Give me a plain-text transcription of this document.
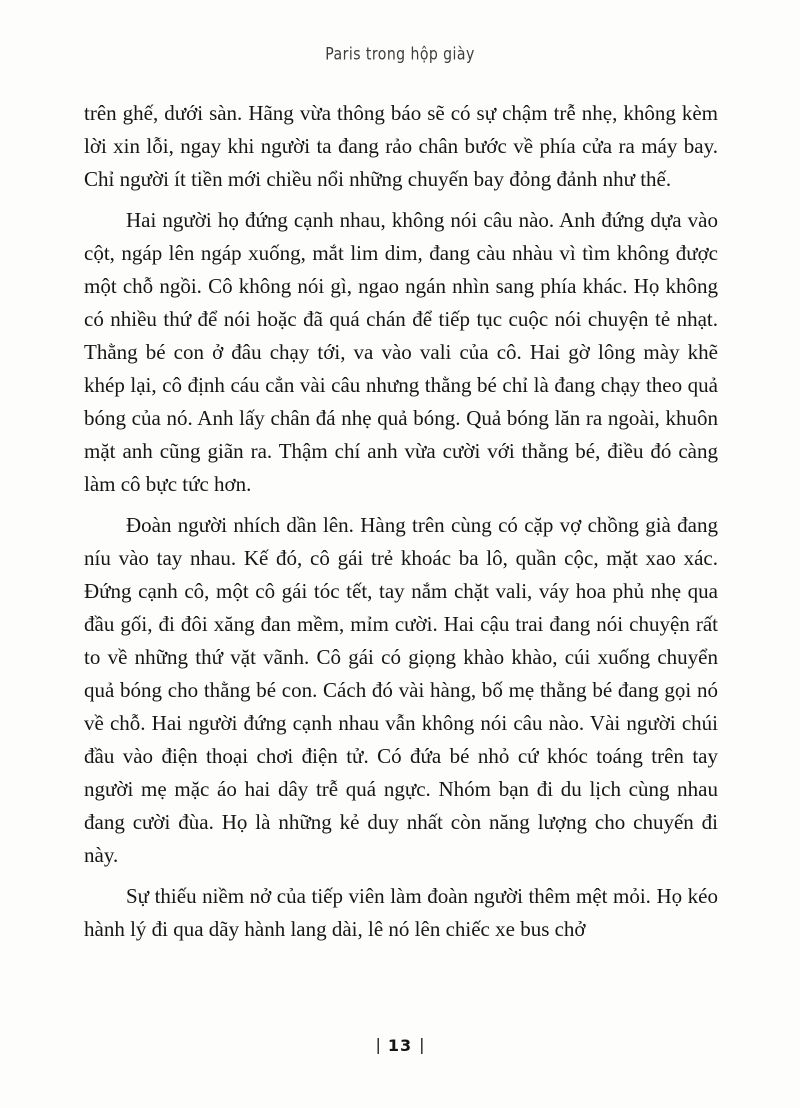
Paris trong hộp giày

trên ghế, dưới sàn. Hãng vừa thông báo sẽ có sự chậm trễ nhẹ, không kèm lời xin lỗi, ngay khi người ta đang rảo chân bước về phía cửa ra máy bay. Chỉ người ít tiền mới chiều nổi những chuyến bay đỏng đảnh như thế.

Hai người họ đứng cạnh nhau, không nói câu nào. Anh đứng dựa vào cột, ngáp lên ngáp xuống, mắt lim dim, đang càu nhàu vì tìm không được một chỗ ngồi. Cô không nói gì, ngao ngán nhìn sang phía khác. Họ không có nhiều thứ để nói hoặc đã quá chán để tiếp tục cuộc nói chuyện tẻ nhạt. Thằng bé con ở đâu chạy tới, va vào vali của cô. Hai gờ lông mày khẽ khép lại, cô định cáu cẳn vài câu nhưng thằng bé chỉ là đang chạy theo quả bóng của nó. Anh lấy chân đá nhẹ quả bóng. Quả bóng lăn ra ngoài, khuôn mặt anh cũng giãn ra. Thậm chí anh vừa cười với thằng bé, điều đó càng làm cô bực tức hơn.

Đoàn người nhích dần lên. Hàng trên cùng có cặp vợ chồng già đang níu vào tay nhau. Kế đó, cô gái trẻ khoác ba lô, quần cộc, mặt xao xác. Đứng cạnh cô, một cô gái tóc tết, tay nắm chặt vali, váy hoa phủ nhẹ qua đầu gối, đi đôi xăng đan mềm, mỉm cười. Hai cậu trai đang nói chuyện rất to về những thứ vặt vãnh. Cô gái có giọng khào khào, cúi xuống chuyển quả bóng cho thằng bé con. Cách đó vài hàng, bố mẹ thằng bé đang gọi nó về chỗ. Hai người đứng cạnh nhau vẫn không nói câu nào. Vài người chúi đầu vào điện thoại chơi điện tử. Có đứa bé nhỏ cứ khóc toáng trên tay người mẹ mặc áo hai dây trễ quá ngực. Nhóm bạn đi du lịch cùng nhau đang cười đùa. Họ là những kẻ duy nhất còn năng lượng cho chuyến đi này.

Sự thiếu niềm nở của tiếp viên làm đoàn người thêm mệt mỏi. Họ kéo hành lý đi qua dãy hành lang dài, lê nó lên chiếc xe bus chở

| 13 |
